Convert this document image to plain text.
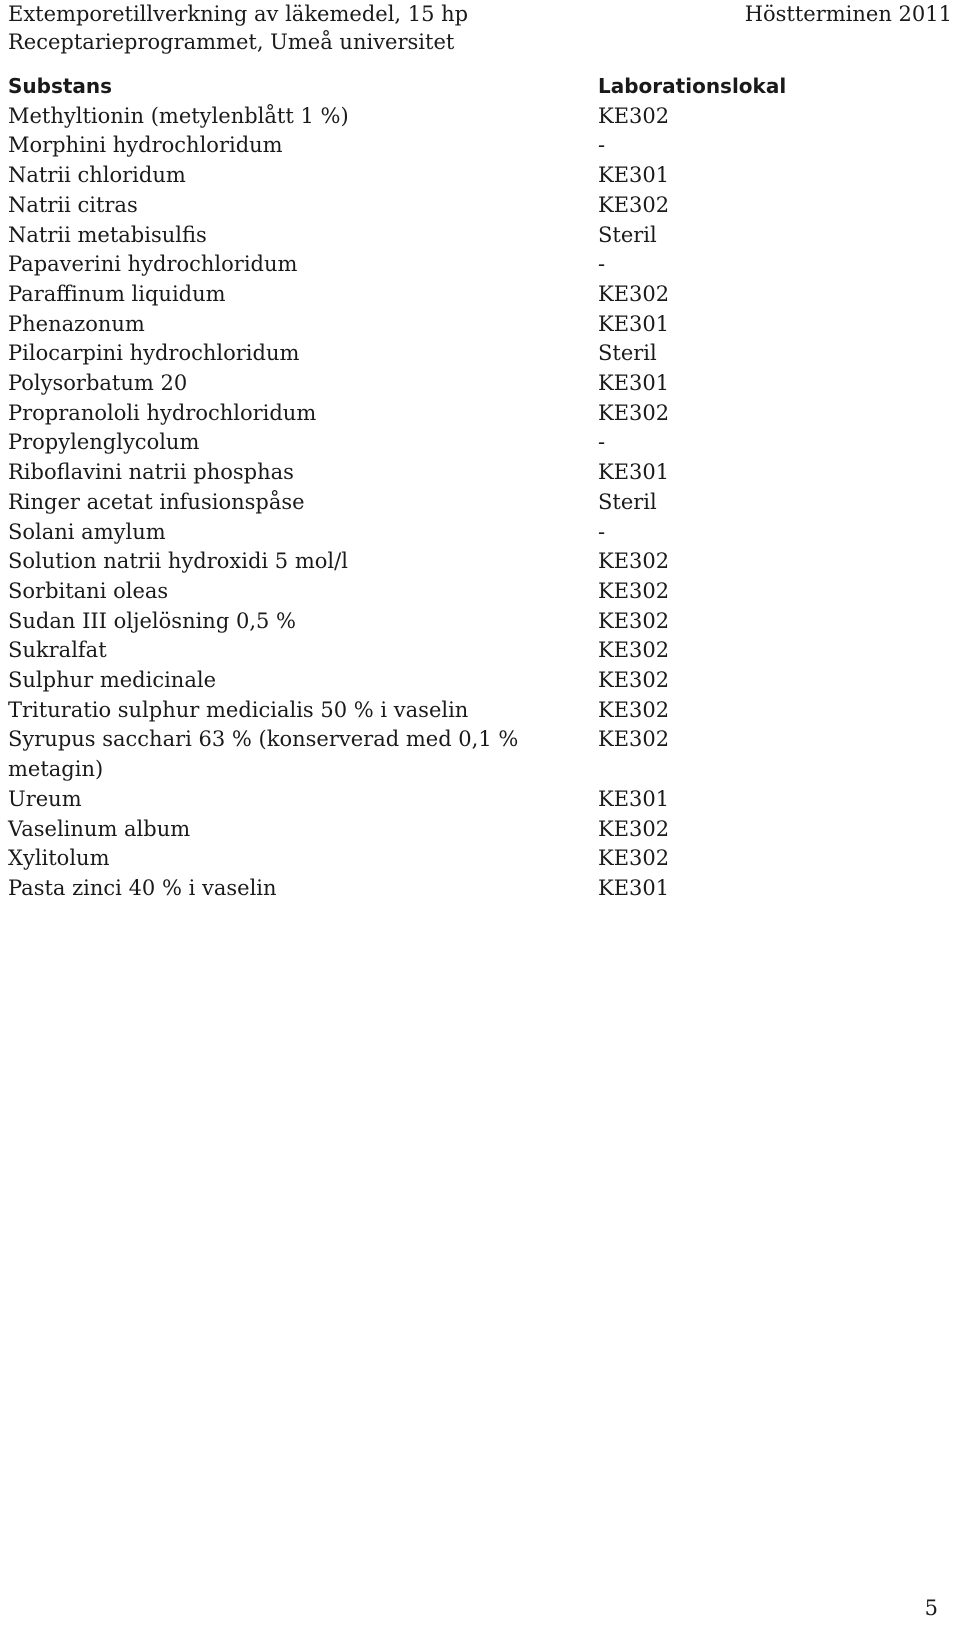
Extemporetillverkning av läkemedel, 15 hp
Receptarieprogrammet, Umeå universitet
Höstterminen 2011
Substans	Laborationslokal
Methyltionin (metylenblått 1 %)	KE302
Morphini hydrochloridum	-
Natrii chloridum	KE301
Natrii citras	KE302
Natrii metabisulfis	Steril
Papaverini hydrochloridum	-
Paraffinum liquidum	KE302
Phenazonum	KE301
Pilocarpini hydrochloridum	Steril
Polysorbatum 20	KE301
Propranololi hydrochloridum	KE302
Propylenglycolum	-
Riboflavini natrii phosphas	KE301
Ringer acetat infusionspåse	Steril
Solani amylum	-
Solution natrii hydroxidi 5 mol/l	KE302
Sorbitani oleas	KE302
Sudan III oljelösning 0,5 %	KE302
Sukralfat	KE302
Sulphur medicinale	KE302
Trituratio sulphur medicialis 50 % i vaselin	KE302
Syrupus sacchari 63 % (konserverad med 0,1 % metagin)	KE302
Ureum	KE301
Vaselinum album	KE302
Xylitolum	KE302
Pasta zinci 40 % i vaselin	KE301
5
